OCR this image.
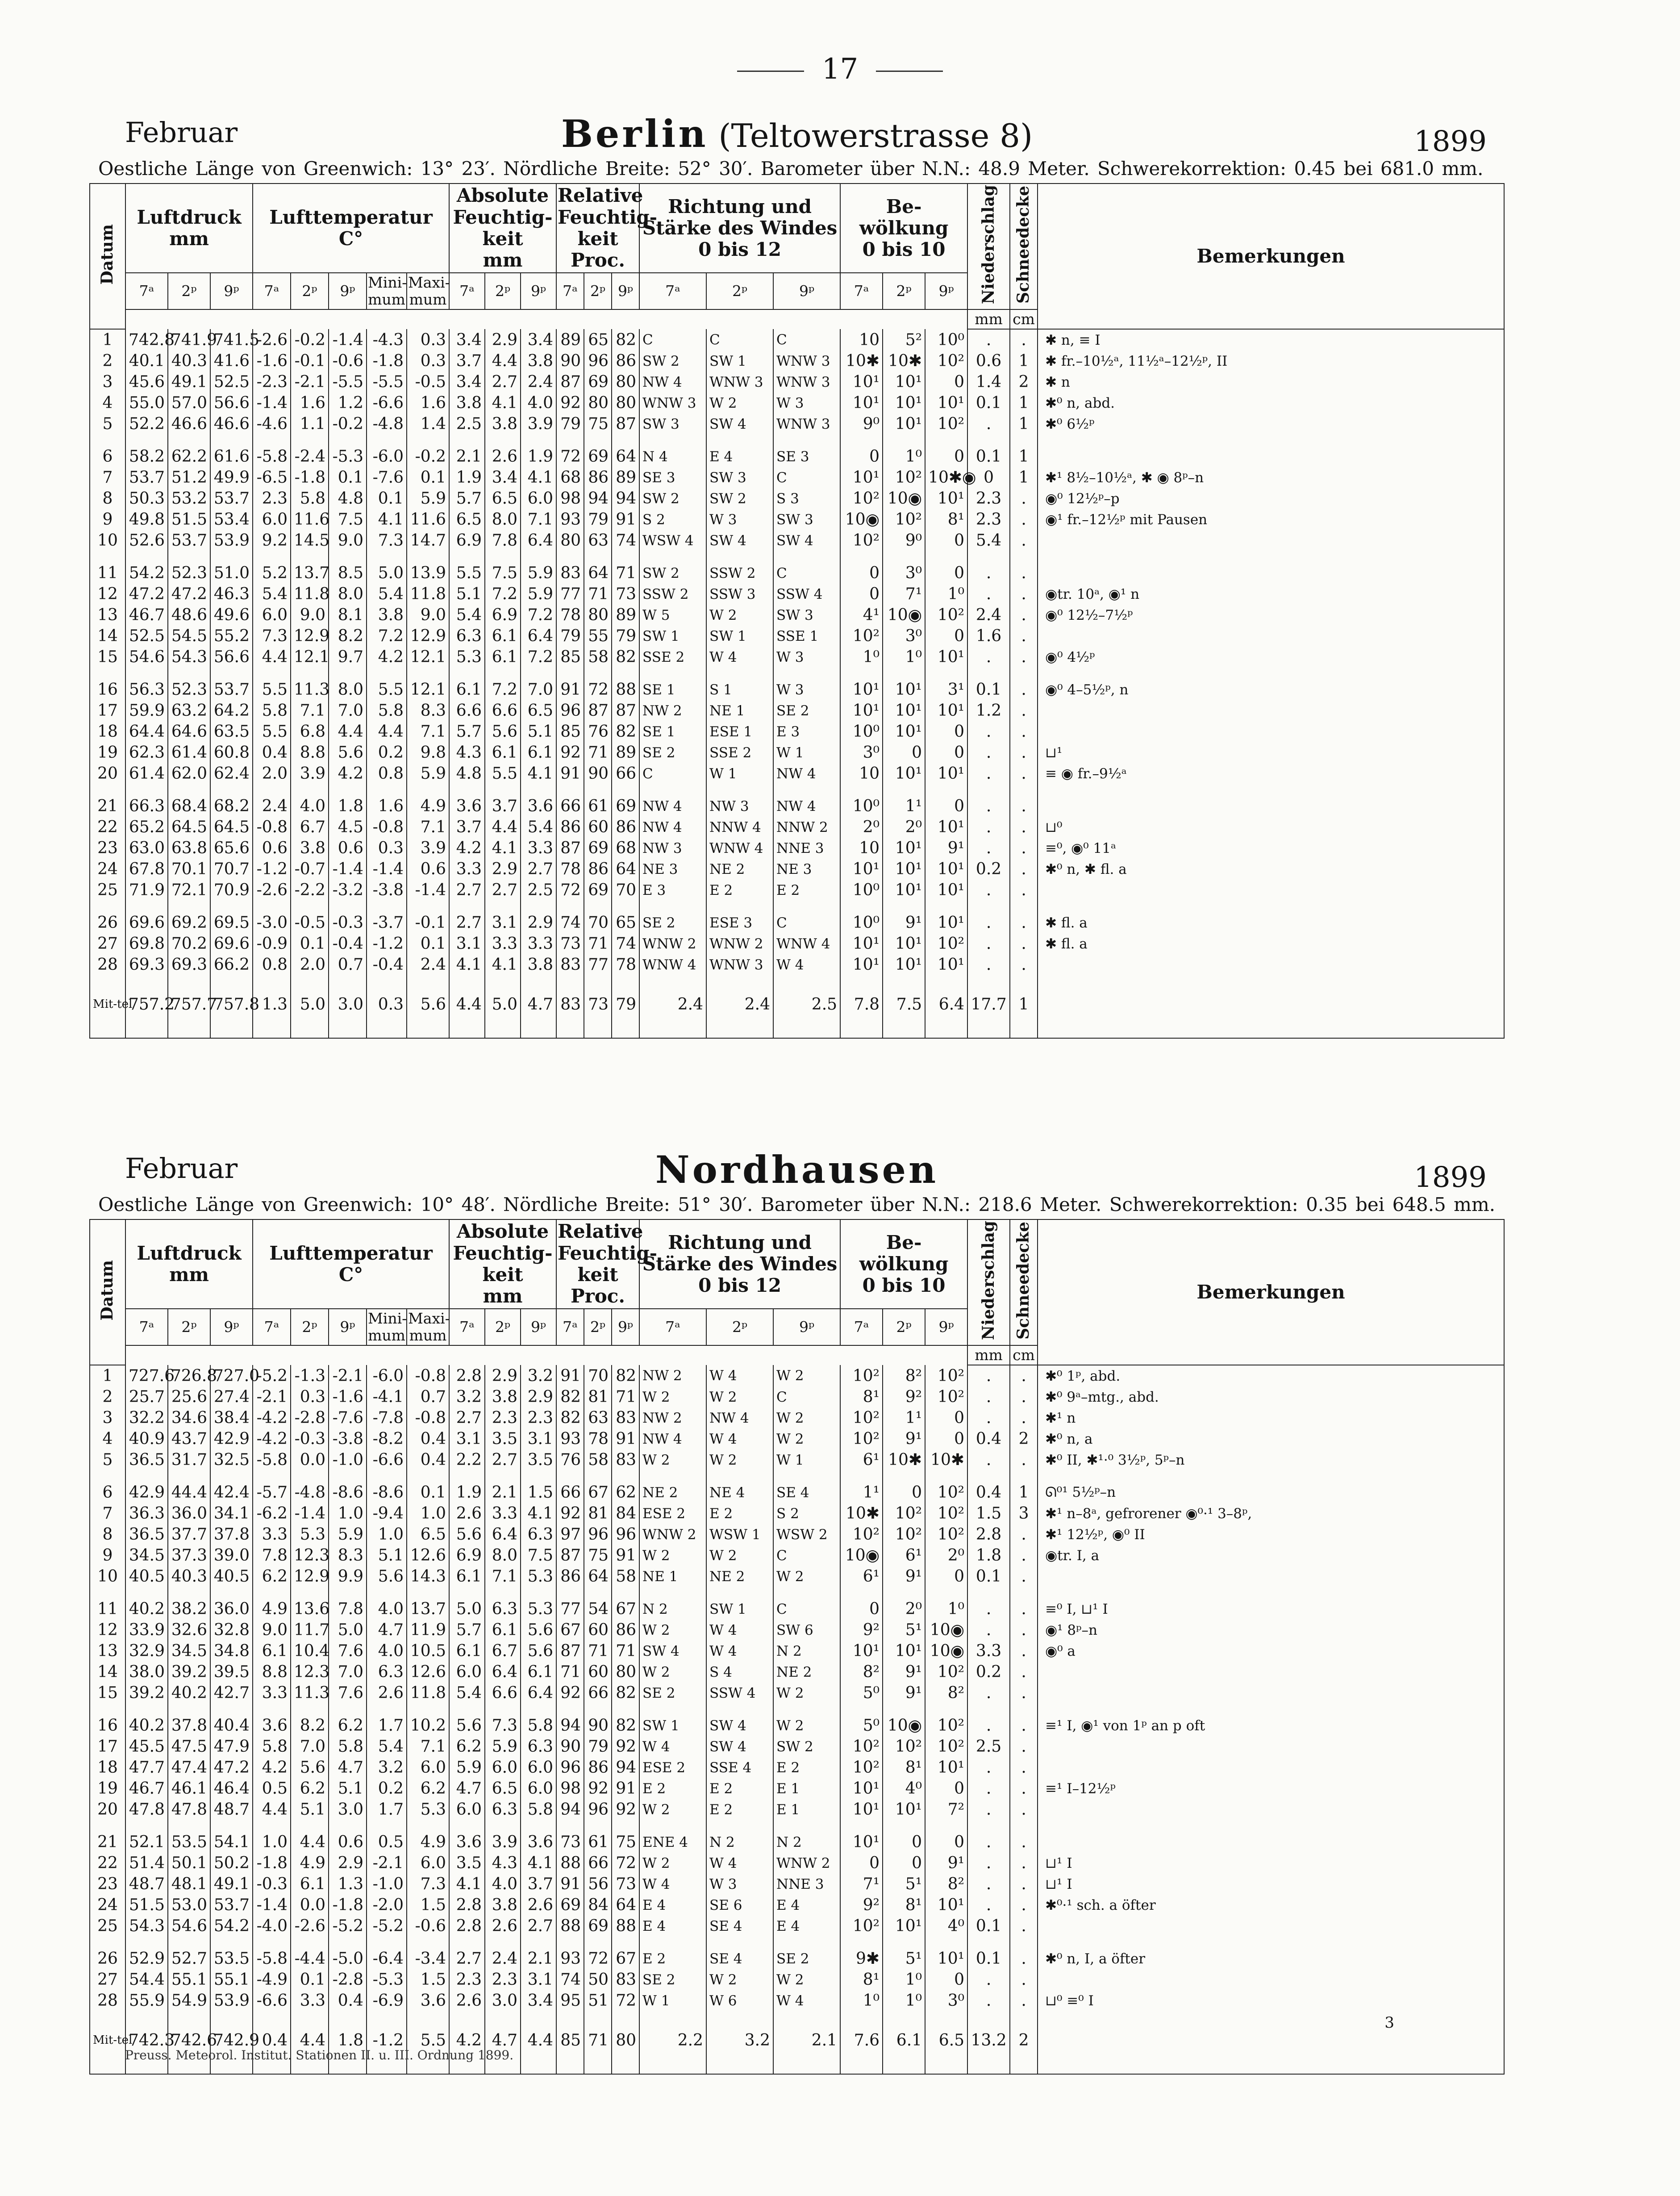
17
Februar	Berlin (Teltowerstrasse 8)	1899
Oestliche Länge von Greenwich: 13° 23′. Nördliche Breite: 52° 30′. Barometer über N.N.: 48.9 Meter. Schwerekorrektion: 0.45 bei 681.0 mm.
Datum	Luftdruck
mm			Lufttemperatur
C°					Absolute Feuchtig-keit
mm			Relative Feuchtig-keit
Proc.			Richtung und Stärke des Windes
0 bis 12			Be-wölkung
0 bis 10			Niederschlag	Schneedecke	Bemerkungen
	7ᵃ	2ᵖ	9ᵖ	7ᵃ	2ᵖ	9ᵖ	Mini-mum	Maxi-mum	7ᵃ	2ᵖ	9ᵖ	7ᵃ	2ᵖ	9ᵖ	7ᵃ	2ᵖ	9ᵖ	7ᵃ	2ᵖ	9ᵖ			
																					mm	cm	
1	742.8	741.9	741.5	-2.6	-0.2	-1.4	-4.3	0.3	3.4	2.9	3.4	89	65	82	C	C	C	10	5²	10⁰	.	.	✱ n, ≡ I
2	40.1	40.3	41.6	-1.6	-0.1	-0.6	-1.8	0.3	3.7	4.4	3.8	90	96	86	SW 2	SW 1	WNW 3	10✱	10✱	10²	0.6	1	✱ fr.–10½ᵃ, 11½ᵃ–12½ᵖ, II
3	45.6	49.1	52.5	-2.3	-2.1	-5.5	-5.5	-0.5	3.4	2.7	2.4	87	69	80	NW 4	WNW 3	WNW 3	10¹	10¹	0	1.4	2	✱ n
4	55.0	57.0	56.6	-1.4	1.6	1.2	-6.6	1.6	3.8	4.1	4.0	92	80	80	WNW 3	W 2	W 3	10¹	10¹	10¹	0.1	1	✱⁰ n, abd.
5	52.2	46.6	46.6	-4.6	1.1	-0.2	-4.8	1.4	2.5	3.8	3.9	79	75	87	SW 3	SW 4	WNW 3	9⁰	10¹	10²	.	1	✱⁰ 6½ᵖ
6	58.2	62.2	61.6	-5.8	-2.4	-5.3	-6.0	-0.2	2.1	2.6	1.9	72	69	64	N 4	E 4	SE 3	0	1⁰	0	0.1	1	
7	53.7	51.2	49.9	-6.5	-1.8	0.1	-7.6	0.1	1.9	3.4	4.1	68	86	89	SE 3	SW 3	C	10¹	10²	10✱◉	0	1	✱¹ 8½–10½ᵃ, ✱ ◉ 8ᵖ–n
8	50.3	53.2	53.7	2.3	5.8	4.8	0.1	5.9	5.7	6.5	6.0	98	94	94	SW 2	SW 2	S 3	10²	10◉	10¹	2.3	.	◉⁰ 12½ᵖ–p
9	49.8	51.5	53.4	6.0	11.6	7.5	4.1	11.6	6.5	8.0	7.1	93	79	91	S 2	W 3	SW 3	10◉	10²	8¹	2.3	.	◉¹ fr.–12½ᵖ mit Pausen
10	52.6	53.7	53.9	9.2	14.5	9.0	7.3	14.7	6.9	7.8	6.4	80	63	74	WSW 4	SW 4	SW 4	10²	9⁰	0	5.4	.	
11	54.2	52.3	51.0	5.2	13.7	8.5	5.0	13.9	5.5	7.5	5.9	83	64	71	SW 2	SSW 2	C	0	3⁰	0	.	.	
12	47.2	47.2	46.3	5.4	11.8	8.0	5.4	11.8	5.1	7.2	5.9	77	71	73	SSW 2	SSW 3	SSW 4	0	7¹	1⁰	.	.	◉tr. 10ᵃ, ◉¹ n
13	46.7	48.6	49.6	6.0	9.0	8.1	3.8	9.0	5.4	6.9	7.2	78	80	89	W 5	W 2	SW 3	4¹	10◉	10²	2.4	.	◉⁰ 12½–7½ᵖ
14	52.5	54.5	55.2	7.3	12.9	8.2	7.2	12.9	6.3	6.1	6.4	79	55	79	SW 1	SW 1	SSE 1	10²	3⁰	0	1.6	.	
15	54.6	54.3	56.6	4.4	12.1	9.7	4.2	12.1	5.3	6.1	7.2	85	58	82	SSE 2	W 4	W 3	1⁰	1⁰	10¹	.	.	◉⁰ 4½ᵖ
16	56.3	52.3	53.7	5.5	11.3	8.0	5.5	12.1	6.1	7.2	7.0	91	72	88	SE 1	S 1	W 3	10¹	10¹	3¹	0.1	.	◉⁰ 4–5½ᵖ, n
17	59.9	63.2	64.2	5.8	7.1	7.0	5.8	8.3	6.6	6.6	6.5	96	87	87	NW 2	NE 1	SE 2	10¹	10¹	10¹	1.2	.	
18	64.4	64.6	63.5	5.5	6.8	4.4	4.4	7.1	5.7	5.6	5.1	85	76	82	SE 1	ESE 1	E 3	10⁰	10¹	0	.	.	
19	62.3	61.4	60.8	0.4	8.8	5.6	0.2	9.8	4.3	6.1	6.1	92	71	89	SE 2	SSE 2	W 1	3⁰	0	0	.	.	⊔¹
20	61.4	62.0	62.4	2.0	3.9	4.2	0.8	5.9	4.8	5.5	4.1	91	90	66	C	W 1	NW 4	10	10¹	10¹	.	.	≡ ◉ fr.–9½ᵃ
21	66.3	68.4	68.2	2.4	4.0	1.8	1.6	4.9	3.6	3.7	3.6	66	61	69	NW 4	NW 3	NW 4	10⁰	1¹	0	.	.	
22	65.2	64.5	64.5	-0.8	6.7	4.5	-0.8	7.1	3.7	4.4	5.4	86	60	86	NW 4	NNW 4	NNW 2	2⁰	2⁰	10¹	.	.	⊔⁰
23	63.0	63.8	65.6	0.6	3.8	0.6	0.3	3.9	4.2	4.1	3.3	87	69	68	NW 3	WNW 4	NNE 3	10	10¹	9¹	.	.	≡⁰, ◉⁰ 11ᵃ
24	67.8	70.1	70.7	-1.2	-0.7	-1.4	-1.4	0.6	3.3	2.9	2.7	78	86	64	NE 3	NE 2	NE 3	10¹	10¹	10¹	0.2	.	✱⁰ n, ✱ fl. a
25	71.9	72.1	70.9	-2.6	-2.2	-3.2	-3.8	-1.4	2.7	2.7	2.5	72	69	70	E 3	E 2	E 2	10⁰	10¹	10¹	.	.	
26	69.6	69.2	69.5	-3.0	-0.5	-0.3	-3.7	-0.1	2.7	3.1	2.9	74	70	65	SE 2	ESE 3	C	10⁰	9¹	10¹	.	.	✱ fl. a
27	69.8	70.2	69.6	-0.9	0.1	-0.4	-1.2	0.1	3.1	3.3	3.3	73	71	74	WNW 2	WNW 2	WNW 4	10¹	10¹	10²	.	.	✱ fl. a
28	69.3	69.3	66.2	0.8	2.0	0.7	-0.4	2.4	4.1	4.1	3.8	83	77	78	WNW 4	WNW 3	W 4	10¹	10¹	10¹	.	.	
Mit-tel	757.2	757.7	757.8	1.3	5.0	3.0	0.3	5.6	4.4	5.0	4.7	83	73	79	2.4	2.4	2.5	7.8	7.5	6.4	17.7	1	
Februar	Nordhausen	1899
Oestliche Länge von Greenwich: 10° 48′. Nördliche Breite: 51° 30′. Barometer über N.N.: 218.6 Meter. Schwerekorrektion: 0.35 bei 648.5 mm.
Datum	Luftdruck
mm			Lufttemperatur
C°					Absolute Feuchtig-keit
mm			Relative Feuchtig-keit
Proc.			Richtung und Stärke des Windes
0 bis 12			Be-wölkung
0 bis 10			Niederschlag	Schneedecke	Bemerkungen
	7ᵃ	2ᵖ	9ᵖ	7ᵃ	2ᵖ	9ᵖ	Mini-mum	Maxi-mum	7ᵃ	2ᵖ	9ᵖ	7ᵃ	2ᵖ	9ᵖ	7ᵃ	2ᵖ	9ᵖ	7ᵃ	2ᵖ	9ᵖ			
																					mm	cm	
1	727.6	726.8	727.0	-5.2	-1.3	-2.1	-6.0	-0.8	2.8	2.9	3.2	91	70	82	NW 2	W 4	W 2	10²	8²	10²	.	.	✱⁰ 1ᵖ, abd.
2	25.7	25.6	27.4	-2.1	0.3	-1.6	-4.1	0.7	3.2	3.8	2.9	82	81	71	W 2	W 2	C	8¹	9²	10²	.	.	✱⁰ 9ᵃ–mtg., abd.
3	32.2	34.6	38.4	-4.2	-2.8	-7.6	-7.8	-0.8	2.7	2.3	2.3	82	63	83	NW 2	NW 4	W 2	10²	1¹	0	.	.	✱¹ n
4	40.9	43.7	42.9	-4.2	-0.3	-3.8	-8.2	0.4	3.1	3.5	3.1	93	78	91	NW 4	W 4	W 2	10²	9¹	0	0.4	2	✱⁰ n, a
5	36.5	31.7	32.5	-5.8	0.0	-1.0	-6.6	0.4	2.2	2.7	3.5	76	58	83	W 2	W 2	W 1	6¹	10✱	10✱	.	.	✱⁰ II, ✱¹·⁰ 3½ᵖ, 5ᵖ–n
6	42.9	44.4	42.4	-5.7	-4.8	-8.6	-8.6	0.1	1.9	2.1	1.5	66	67	62	NE 2	NE 4	SE 4	1¹	0	10²	0.4	1	ᘏ⁰¹ 5½ᵖ–n
7	36.3	36.0	34.1	-6.2	-1.4	1.0	-9.4	1.0	2.6	3.3	4.1	92	81	84	ESE 2	E 2	S 2	10✱	10²	10²	1.5	3	✱¹ n–8ᵃ, gefrorener ◉⁰·¹ 3–8ᵖ,
8	36.5	37.7	37.8	3.3	5.3	5.9	1.0	6.5	5.6	6.4	6.3	97	96	96	WNW 2	WSW 1	WSW 2	10²	10²	10²	2.8	.	✱¹ 12½ᵖ, ◉⁰ II
9	34.5	37.3	39.0	7.8	12.3	8.3	5.1	12.6	6.9	8.0	7.5	87	75	91	W 2	W 2	C	10◉	6¹	2⁰	1.8	.	◉tr. I, a
10	40.5	40.3	40.5	6.2	12.9	9.9	5.6	14.3	6.1	7.1	5.3	86	64	58	NE 1	NE 2	W 2	6¹	9¹	0	0.1	.	
11	40.2	38.2	36.0	4.9	13.6	7.8	4.0	13.7	5.0	6.3	5.3	77	54	67	N 2	SW 1	C	0	2⁰	1⁰	.	.	≡⁰ I, ⊔¹ I
12	33.9	32.6	32.8	9.0	11.7	5.0	4.7	11.9	5.7	6.1	5.6	67	60	86	W 2	W 4	SW 6	9²	5¹	10◉	.	.	◉¹ 8ᵖ–n
13	32.9	34.5	34.8	6.1	10.4	7.6	4.0	10.5	6.1	6.7	5.6	87	71	71	SW 4	W 4	N 2	10¹	10¹	10◉	3.3	.	◉⁰ a
14	38.0	39.2	39.5	8.8	12.3	7.0	6.3	12.6	6.0	6.4	6.1	71	60	80	W 2	S 4	NE 2	8²	9¹	10²	0.2	.	
15	39.2	40.2	42.7	3.3	11.3	7.6	2.6	11.8	5.4	6.6	6.4	92	66	82	SE 2	SSW 4	W 2	5⁰	9¹	8²	.	.	
16	40.2	37.8	40.4	3.6	8.2	6.2	1.7	10.2	5.6	7.3	5.8	94	90	82	SW 1	SW 4	W 2	5⁰	10◉	10²	.	.	≡¹ I, ◉¹ von 1ᵖ an p oft
17	45.5	47.5	47.9	5.8	7.0	5.8	5.4	7.1	6.2	5.9	6.3	90	79	92	W 4	SW 4	SW 2	10²	10²	10²	2.5	.	
18	47.7	47.4	47.2	4.2	5.6	4.7	3.2	6.0	5.9	6.0	6.0	96	86	94	ESE 2	SSE 4	E 2	10²	8¹	10¹	.	.	
19	46.7	46.1	46.4	0.5	6.2	5.1	0.2	6.2	4.7	6.5	6.0	98	92	91	E 2	E 2	E 1	10¹	4⁰	0	.	.	≡¹ I–12½ᵖ
20	47.8	47.8	48.7	4.4	5.1	3.0	1.7	5.3	6.0	6.3	5.8	94	96	92	W 2	E 2	E 1	10¹	10¹	7²	.	.	
21	52.1	53.5	54.1	1.0	4.4	0.6	0.5	4.9	3.6	3.9	3.6	73	61	75	ENE 4	N 2	N 2	10¹	0	0	.	.	
22	51.4	50.1	50.2	-1.8	4.9	2.9	-2.1	6.0	3.5	4.3	4.1	88	66	72	W 2	W 4	WNW 2	0	0	9¹	.	.	⊔¹ I
23	48.7	48.1	49.1	-0.3	6.1	1.3	-1.0	7.3	4.1	4.0	3.7	91	56	73	W 4	W 3	NNE 3	7¹	5¹	8²	.	.	⊔¹ I
24	51.5	53.0	53.7	-1.4	0.0	-1.8	-2.0	1.5	2.8	3.8	2.6	69	84	64	E 4	SE 6	E 4	9²	8¹	10¹	.	.	✱⁰·¹ sch. a öfter
25	54.3	54.6	54.2	-4.0	-2.6	-5.2	-5.2	-0.6	2.8	2.6	2.7	88	69	88	E 4	SE 4	E 4	10²	10¹	4⁰	0.1	.	
26	52.9	52.7	53.5	-5.8	-4.4	-5.0	-6.4	-3.4	2.7	2.4	2.1	93	72	67	E 2	SE 4	SE 2	9✱	5¹	10¹	0.1	.	✱⁰ n, I, a öfter
27	54.4	55.1	55.1	-4.9	0.1	-2.8	-5.3	1.5	2.3	2.3	3.1	74	50	83	SE 2	W 2	W 2	8¹	1⁰	0	.	.	
28	55.9	54.9	53.9	-6.6	3.3	0.4	-6.9	3.6	2.6	3.0	3.4	95	51	72	W 1	W 6	W 4	1⁰	1⁰	3⁰	.	.	⊔⁰ ≡⁰ I
Mit-tel	742.3	742.6	742.9	0.4	4.4	1.8	-1.2	5.5	4.2	4.7	4.4	85	71	80	2.2	3.2	2.1	7.6	6.1	6.5	13.2	2	
3
Preuss. Meteorol. Institut. Stationen II. u. III. Ordnung 1899.
